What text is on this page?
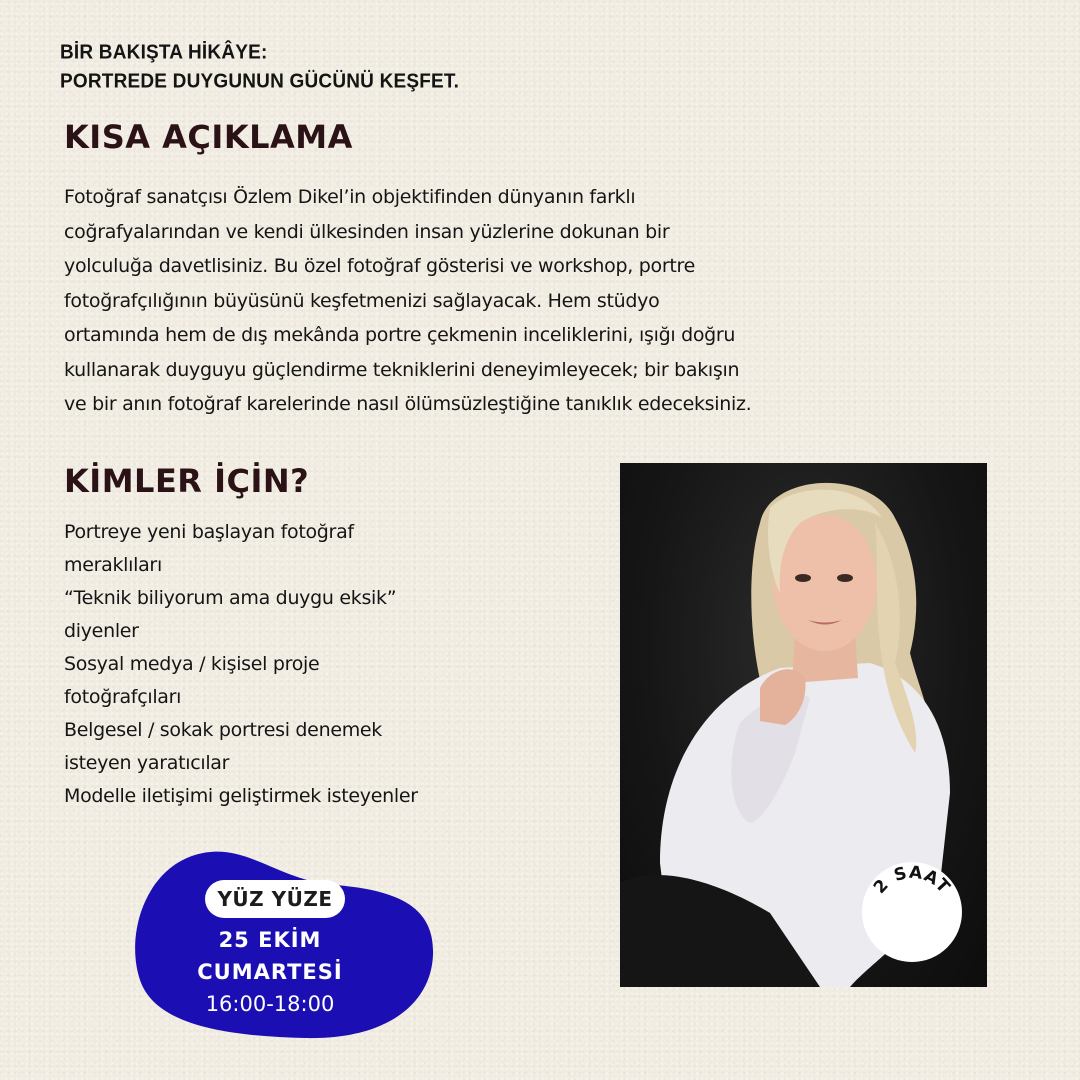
BİR BAKIŞTA HİKÂYE:
PORTREDE DUYGUNUN GÜCÜNÜ KEŞFET.
KISA AÇIKLAMA
Fotoğraf sanatçısı Özlem Dikel’in objektifinden dünyanın farklı
coğrafyalarından ve kendi ülkesinden insan yüzlerine dokunan bir
yolculuğa davetlisiniz. Bu özel fotoğraf gösterisi ve workshop, portre
fotoğrafçılığının büyüsünü keşfetmenizi sağlayacak. Hem stüdyo
ortamında hem de dış mekânda portre çekmenin inceliklerini, ışığı doğru
kullanarak duyguyu güçlendirme tekniklerini deneyimleyecek; bir bakışın
ve bir anın fotoğraf karelerinde nasıl ölümsüzleştiğine tanıklık edeceksiniz.
KİMLER İÇİN?
Portreye yeni başlayan fotoğraf
meraklıları
“Teknik biliyorum ama duygu eksik”
diyenler
Sosyal medya / kişisel proje
fotoğrafçıları
Belgesel / sokak portresi denemek
isteyen yaratıcılar
Modelle iletişimi geliştirmek isteyenler
YÜZ YÜZE
25 EKİM
CUMARTESİ
16:00-18:00
2 SAAT
